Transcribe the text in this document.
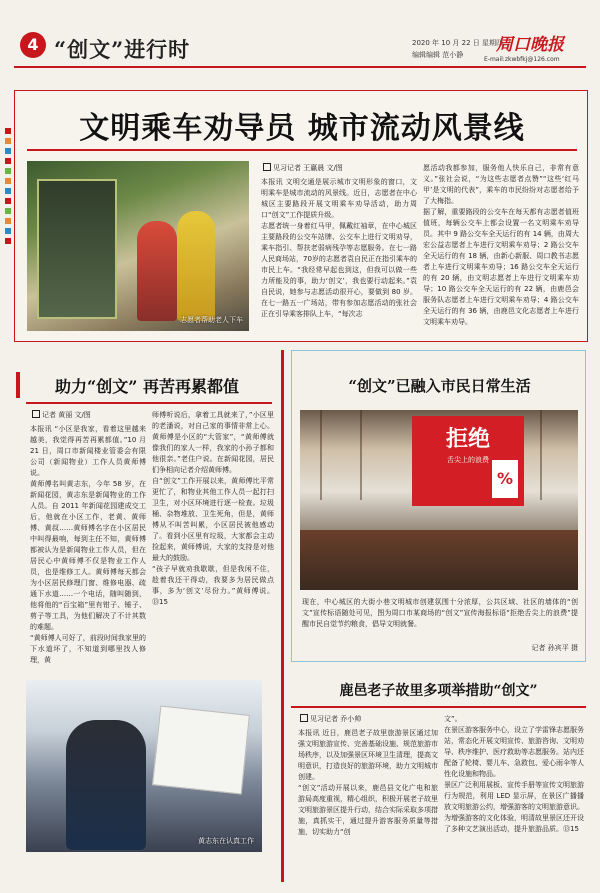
4 “创文”进行时	2020 年 10 月 22 日 星期四
编辑编辑 范小静 周口晚报
E-mail:zkwbfkj@126.com
文明乘车劝导员 城市流动风景线
志愿者帮助老人下车
见习记者 王赢晨 文/图
本报讯 文明交通是展示城市文明形象的窗口，文明乘车是城市流动的风景线。近日，志愿者在中心城区主要路段开展文明乘车劝导活动，助力周口“创文”工作提质升级。
志愿者统一身着红马甲，佩戴红袖章，在中心城区主要路段的公交车站牌、公交车上进行文明劝导，乘车指引、帮扶老弱病残孕等志愿服务。在七一路人民商场站，70岁的志愿者袁自民正在指引乘车的市民上车。“我经常早起也到这，但我可以做一些力所能及的事，助力‘创文’，我也要行动起来。”袁自民说，她参与志愿活动很开心，要做到 80 岁。在七一路五一广场站，带有参加志愿活动的张社会正在引导乘客排队上车，“每次志
愿活动我都参加，服务他人快乐自己，非常有意义。”张社会说，“为这些志愿者点赞”“这些‘红马甲’是文明的代表”，乘车的市民纷纷对志愿者给予了大梅指。
据了解，重要路段的公交车在每天都有志愿者值班值班，每辆公交车上都会设置一名文明乘车劝导员。其中 9 路公交车全天运行的有 14 辆，由周大宏公益志愿者上车进行文明乘车劝导；2 路公交车全天运行的有 18 辆，由新心新服、周口教书志愿者上车进行文明乘车劝导；16 路公交车全天运行的有 20 辆，由文明志愿者上车进行文明乘车劝导；10 路公交车全天运行的有 22 辆，由鹿邑会服务队志愿者上车进行文明乘车劝导；4 路公交车全天运行的有 36 辆，由鹿邑文化志愿者上车进行文明乘车劝导。
助力“创文” 再苦再累都值
记者 黄丽 文/图
本报讯 “小区是我家，看着这里越来越美，我觉得再苦再累都值。”10 月 21 日，周口市新闻楼业管委会有限公司（新闻物业）工作人员黄师傅说。
黄师傅名叫黄志东，今年 58 岁，在新闻花园，黄志东是新闻物业的工作人员。自 2011 年新闻花园建成交工后，他就在小区工作，老黄、黄师傅、黄叔……黄师傅名字在小区居民中叫得最响，每到主任不知，黄师傅都被认为是新闻物业工作人员，但在居民心中黄师傅不仅是物业工作人员，也是维修工人。黄师傅每天都会为小区居民修理门窗、维修电器、疏通下水道……一个电话，随叫随到，他将他的“百宝箱”里有钳子、锤子、剪子等工具，为他们解决了不计其数的难题。
“黄师傅人可好了，前段时间我家里的下水道坏了，不知道到哪里找人修理，黄
师傅听说后，拿着工具就来了，”小区里的老潘说，对自己家的事情非常上心。黄师傅是小区的“大管家”，“黄师傅就像我们的家人一样，我家的小孙子都和他很亲。”老住户说。在新闻花园，居民们争相向记者介绍黄师傅。
自“创文”工作开展以来，黄师傅比平常更忙了，和物业其他工作人员一起打扫卫生，对小区环境进行逐一检查。垃圾桶、杂物堆放、卫生死角，但是，黄师傅从不叫苦叫累，小区居民被他感动了。看到小区里有垃圾，大家都会主动捡起来，黄师傅说，大家的支持是对他最大的鼓励。
“孩子早就劝我歇歇，但是我闲不住，趁着我还干得动，我要多为居民做点事，多为‘创文’尽份力。”黄师傅说。⑬15
黄志东在认真工作
“创文”已融入市民日常生活
现在，中心城区的大街小巷文明城市创建氛围十分浓厚，公共区域、社区的墙体的“创文”宣传标语随处可见，图为周口市某商场的“创文”宣传海报标语“拒绝舌尖上的浪费”提醒市民自觉节约粮食，倡导文明就餐。
记者 孙宾平 摄
拒绝
舌尖上的浪费
%
鹿邑老子故里多项举措助“创文”
见习记者 乔小帅
本报讯 近日，鹿邑老子故里旅游景区通过加强文明旅游宣传、完善基础设施、规范旅游市场秩序，以及加强景区环境卫生清理，提高文明意识，打造良好的旅游环境，助力文明城市创建。
“创文”活动开展以来，鹿邑县文化广电和旅游局高度重视，精心组织，积极开展老子故里文明旅游景区提升行动，结合实际采取多项措施，真抓实干，通过提升游客服务质量等措施，切实助力“创
文”。
在景区游客服务中心，设立了学雷锋志愿服务站，常态化开展文明宣传、旅游咨询、文明劝导、秩序维护、医疗救助等志愿服务。站内还配备了轮椅、婴儿车、急救包、爱心雨伞等人性化设施和物品。
景区广泛利用展板、宣传手册等宣传文明旅游行为规范，利用 LED 显示屏，在景区广播播放文明旅游公约，增强游客的文明旅游意识。
为增强游客的文化体验，明清故里景区还开设了多种文艺演出活动，提升旅游品质。⑬15
